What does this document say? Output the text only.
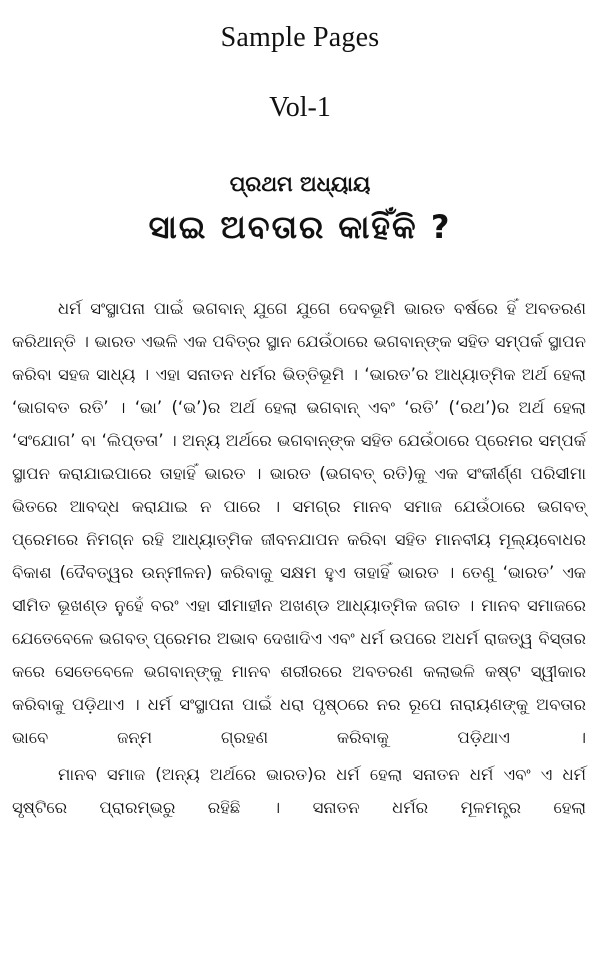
Sample Pages
Vol-1
ପ୍ରଥମ ଅଧ୍ୟାୟ
ସାଇ ଅବତାର କାହିଁକି ?

ଧର୍ମ ସଂସ୍ଥାପନା ପାଇଁ ଭଗବାନ୍ ଯୁଗେ ଯୁଗେ ଦେବଭୂମି ଭାରତ ବର୍ଷରେ ହିଁ ଅବତରଣ କରିଥାନ୍ତି । ଭାରତ ଏଭଳି ଏକ ପବିତ୍ର ସ୍ଥାନ ଯେଉଁଠାରେ ଭଗବାନ୍ଙ୍କ ସହିତ ସମ୍ପର୍କ ସ୍ଥାପନ କରିବା ସହଜ ସାଧ୍ୟ । ଏହା ସନାତନ ଧର୍ମର ଭିତ୍ତିଭୂମି । ‘ଭାରତ’ର ଆଧ୍ୟାତ୍ମିକ ଅର୍ଥ ହେଲା ‘ଭାଗବତ ରତି’ । ‘ଭା’ (‘ଭ’)ର ଅର୍ଥ ହେଲା ଭଗବାନ୍ ଏବଂ ‘ରତି’ (‘ରଥ’)ର ଅର୍ଥ ହେଲା ‘ସଂଯୋଗ’ ବା ‘ଲିପ୍ତତା’ । ଅନ୍ୟ ଅର୍ଥରେ ଭଗବାନ୍ଙ୍କ ସହିତ ଯେଉଁଠାରେ ପ୍ରେମର ସମ୍ପର୍କ ସ୍ଥାପନ କରାଯାଇପାରେ ତାହାହିଁ ଭାରତ । ଭାରତ (ଭଗବତ୍ ରତି)କୁ ଏକ ସଂକୀର୍ଣ୍ଣ ପରିସୀମା ଭିତରେ ଆବଦ୍ଧ କରାଯାଇ ନ ପାରେ । ସମଗ୍ର ମାନବ ସମାଜ ଯେଉଁଠାରେ ଭଗବତ୍ ପ୍ରେମରେ ନିମଗ୍ନ ରହି ଆଧ୍ୟାତ୍ମିକ ଜୀବନଯାପନ କରିବା ସହିତ ମାନବୀୟ ମୂଲ୍ୟବୋଧର ବିକାଶ (ଦୈବତ୍ୱର ଉନ୍ମୀଳନ) କରିବାକୁ ସକ୍ଷମ ହୁଏ ତାହାହିଁ ଭାରତ । ତେଣୁ ‘ଭାରତ’ ଏକ ସୀମିତ ଭୂଖଣ୍ଡ ନୁହେଁ ବରଂ ଏହା ସୀମାହୀନ ଅଖଣ୍ଡ ଆଧ୍ୟାତ୍ମିକ ଜଗତ । ମାନବ ସମାଜରେ ଯେତେବେଳେ ଭଗବତ୍ ପ୍ରେମର ଅଭାବ ଦେଖାଦିଏ ଏବଂ ଧର୍ମ ଉପରେ ଅଧର୍ମ ରାଜତ୍ୱ ବିସ୍ତାର କରେ ସେତେବେଳେ ଭଗବାନ୍ଙ୍କୁ ମାନବ ଶରୀରରେ ଅବତରଣ କଲାଭଳି କଷ୍ଟ ସ୍ୱୀକାର କରିବାକୁ ପଡ଼ିଥାଏ । ଧର୍ମ ସଂସ୍ଥାପନା ପାଇଁ ଧରା ପୃଷ୍ଠରେ ନର ରୂପେ ନାରାୟଣଙ୍କୁ ଅବତାର ଭାବେ ଜନ୍ମ ଗ୍ରହଣ କରିବାକୁ ପଡ଼ିଥାଏ ।

ମାନବ ସମାଜ (ଅନ୍ୟ ଅର୍ଥରେ ଭାରତ)ର ଧର୍ମ ହେଲା ସନାତନ ଧର୍ମ ଏବଂ ଏ ଧର୍ମ ସୃଷ୍ଟିରେ ପ୍ରାରମ୍ଭରୁ ରହିଛି । ସନାତନ ଧର୍ମର ମୂଳମନ୍ତ୍ର ହେଲା
